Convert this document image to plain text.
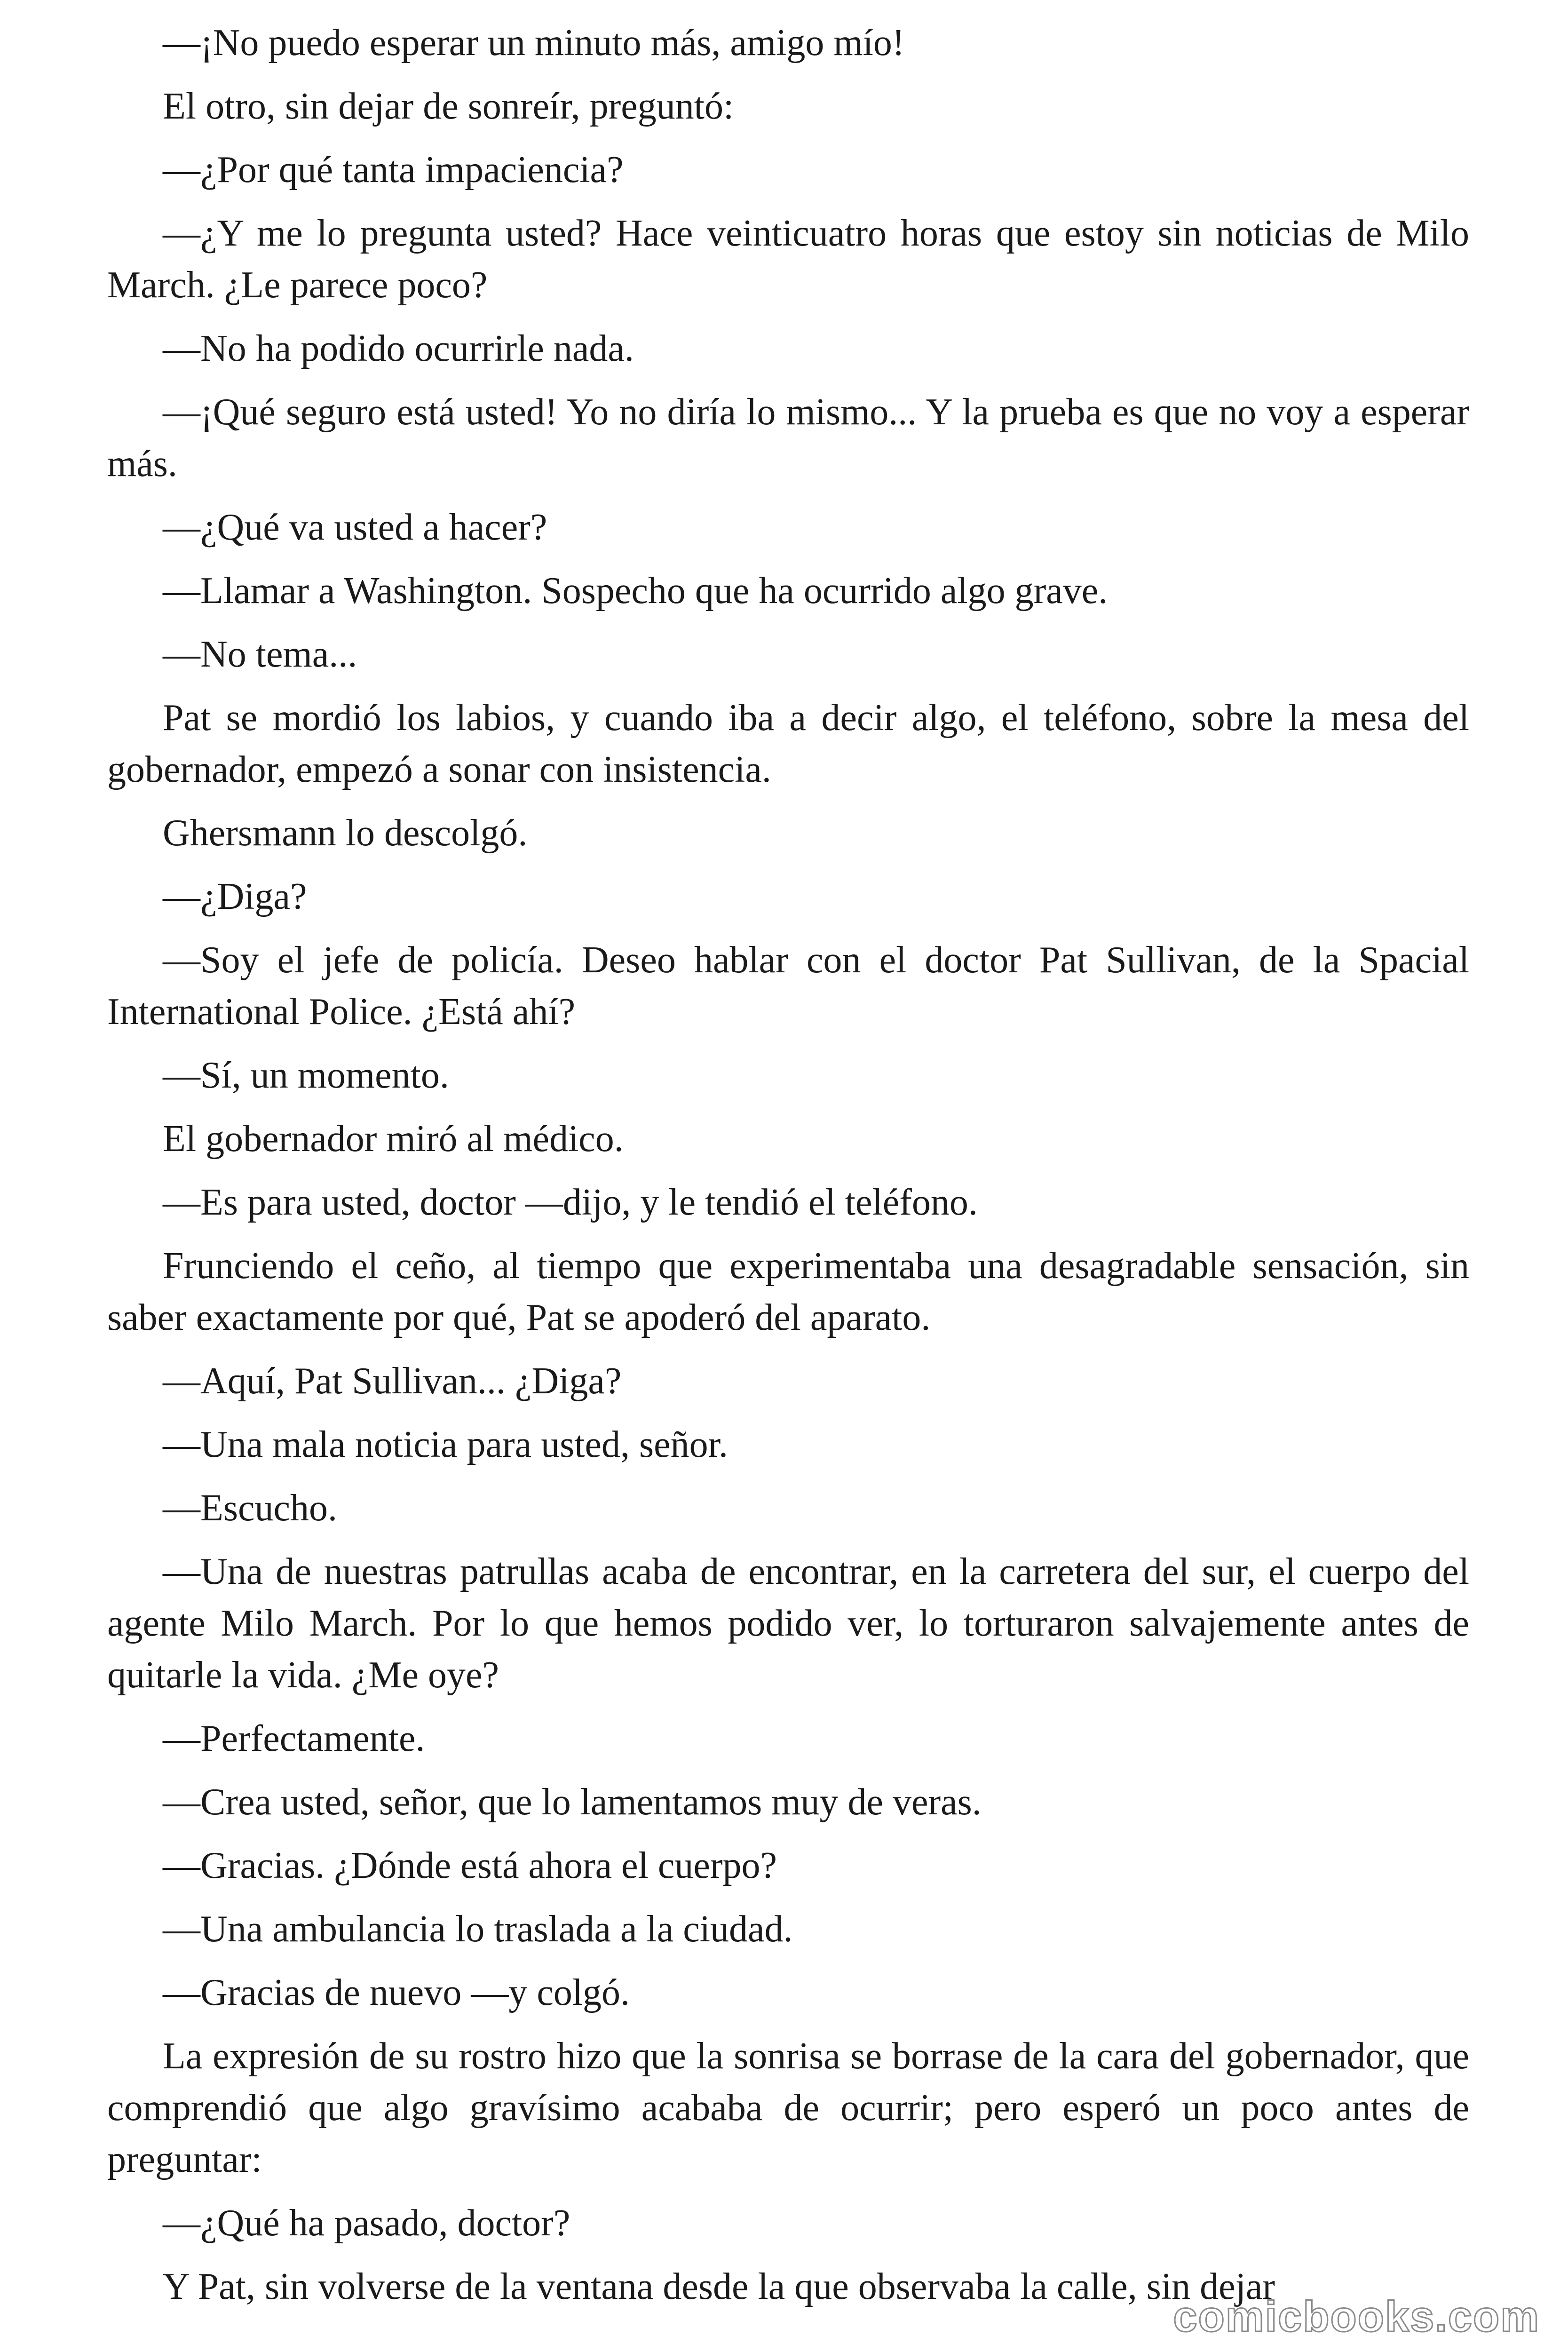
—¡No puedo esperar un minuto más, amigo mío!

El otro, sin dejar de sonreír, preguntó:

—¿Por qué tanta impaciencia?

—¿Y me lo pregunta usted? Hace veinticuatro horas que estoy sin noticias de Milo March. ¿Le parece poco?

—No ha podido ocurrirle nada.

—¡Qué seguro está usted! Yo no diría lo mismo... Y la prueba es que no voy a esperar más.

—¿Qué va usted a hacer?

—Llamar a Washington. Sospecho que ha ocurrido algo grave.

—No tema...

Pat se mordió los labios, y cuando iba a decir algo, el teléfono, sobre la mesa del gobernador, empezó a sonar con insistencia.

Ghersmann lo descolgó.

—¿Diga?

—Soy el jefe de policía. Deseo hablar con el doctor Pat Sullivan, de la Spacial International Police. ¿Está ahí?

—Sí, un momento.

El gobernador miró al médico.

—Es para usted, doctor —dijo, y le tendió el teléfono.

Frunciendo el ceño, al tiempo que experimentaba una desagradable sensación, sin saber exactamente por qué, Pat se apoderó del aparato.

—Aquí, Pat Sullivan... ¿Diga?

—Una mala noticia para usted, señor.

—Escucho.

—Una de nuestras patrullas acaba de encontrar, en la carretera del sur, el cuerpo del agente Milo March. Por lo que hemos podido ver, lo torturaron salvajemente antes de quitarle la vida. ¿Me oye?

—Perfectamente.

—Crea usted, señor, que lo lamentamos muy de veras.

—Gracias. ¿Dónde está ahora el cuerpo?

—Una ambulancia lo traslada a la ciudad.

—Gracias de nuevo —y colgó.

La expresión de su rostro hizo que la sonrisa se borrase de la cara del gobernador, que comprendió que algo gravísimo acababa de ocurrir; pero esperó un poco antes de preguntar:

—¿Qué ha pasado, doctor?

Y Pat, sin volverse de la ventana desde la que observaba la calle, sin dejar

comicbooks.com
